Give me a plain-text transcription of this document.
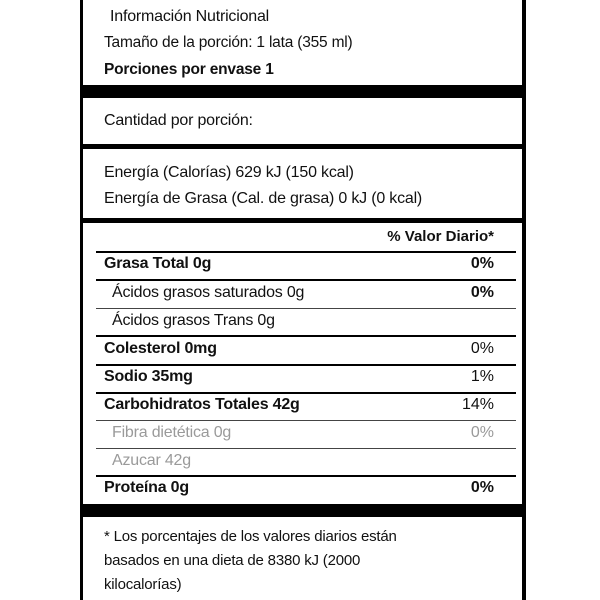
Información Nutricional
Tamaño de la porción: 1 lata (355 ml)
Porciones por envase 1
Cantidad por porción:
Energía (Calorías) 629 kJ (150 kcal)
Energía de Grasa (Cal. de grasa) 0 kJ (0 kcal)
% Valor Diario*
Grasa Total 0g	0%
Ácidos grasos saturados 0g	0%
Ácidos grasos Trans 0g
Colesterol 0mg	0%
Sodio 35mg	1%
Carbohidratos Totales 42g	14%
Fibra dietética 0g	0%
Azucar 42g
Proteína 0g	0%
* Los porcentajes de los valores diarios están
basados en una dieta de 8380 kJ (2000
kilocalorías)
